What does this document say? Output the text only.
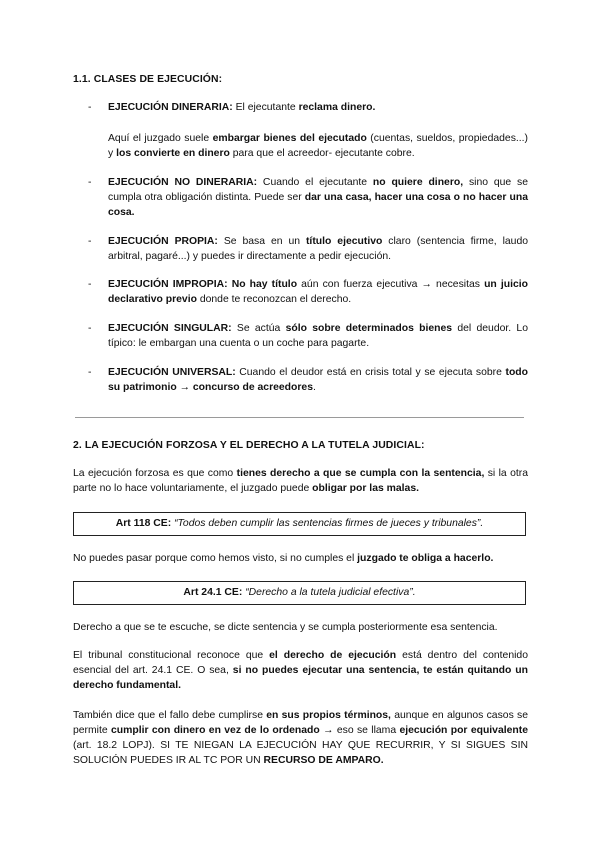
1.1. CLASES DE EJECUCIÓN:
- EJECUCIÓN DINERARIA: El ejecutante reclama dinero.
Aquí el juzgado suele embargar bienes del ejecutado (cuentas, sueldos, propiedades...) y los convierte en dinero para que el acreedor- ejecutante cobre.
- EJECUCIÓN NO DINERARIA: Cuando el ejecutante no quiere dinero, sino que se cumpla otra obligación distinta. Puede ser dar una casa, hacer una cosa o no hacer una cosa.
- EJECUCIÓN PROPIA: Se basa en un título ejecutivo claro (sentencia firme, laudo arbitral, pagaré...) y puedes ir directamente a pedir ejecución.
- EJECUCIÓN IMPROPIA: No hay título aún con fuerza ejecutiva → necesitas un juicio declarativo previo donde te reconozcan el derecho.
- EJECUCIÓN SINGULAR: Se actúa sólo sobre determinados bienes del deudor. Lo típico: le embargan una cuenta o un coche para pagarte.
- EJECUCIÓN UNIVERSAL: Cuando el deudor está en crisis total y se ejecuta sobre todo su patrimonio → concurso de acreedores.
2. LA EJECUCIÓN FORZOSA Y EL DERECHO A LA TUTELA JUDICIAL:
La ejecución forzosa es que como tienes derecho a que se cumpla con la sentencia, si la otra parte no lo hace voluntariamente, el juzgado puede obligar por las malas.
Art 118 CE: “Todos deben cumplir las sentencias firmes de jueces y tribunales”.
No puedes pasar porque como hemos visto, si no cumples el juzgado te obliga a hacerlo.
Art 24.1 CE: “Derecho a la tutela judicial efectiva”.
Derecho a que se te escuche, se dicte sentencia y se cumpla posteriormente esa sentencia.
El tribunal constitucional reconoce que el derecho de ejecución está dentro del contenido esencial del art. 24.1 CE. O sea, si no puedes ejecutar una sentencia, te están quitando un derecho fundamental.
También dice que el fallo debe cumplirse en sus propios términos, aunque en algunos casos se permite cumplir con dinero en vez de lo ordenado → eso se llama ejecución por equivalente (art. 18.2 LOPJ). SI TE NIEGAN LA EJECUCIÓN HAY QUE RECURRIR, Y SI SIGUES SIN SOLUCIÓN PUEDES IR AL TC POR UN RECURSO DE AMPARO.
